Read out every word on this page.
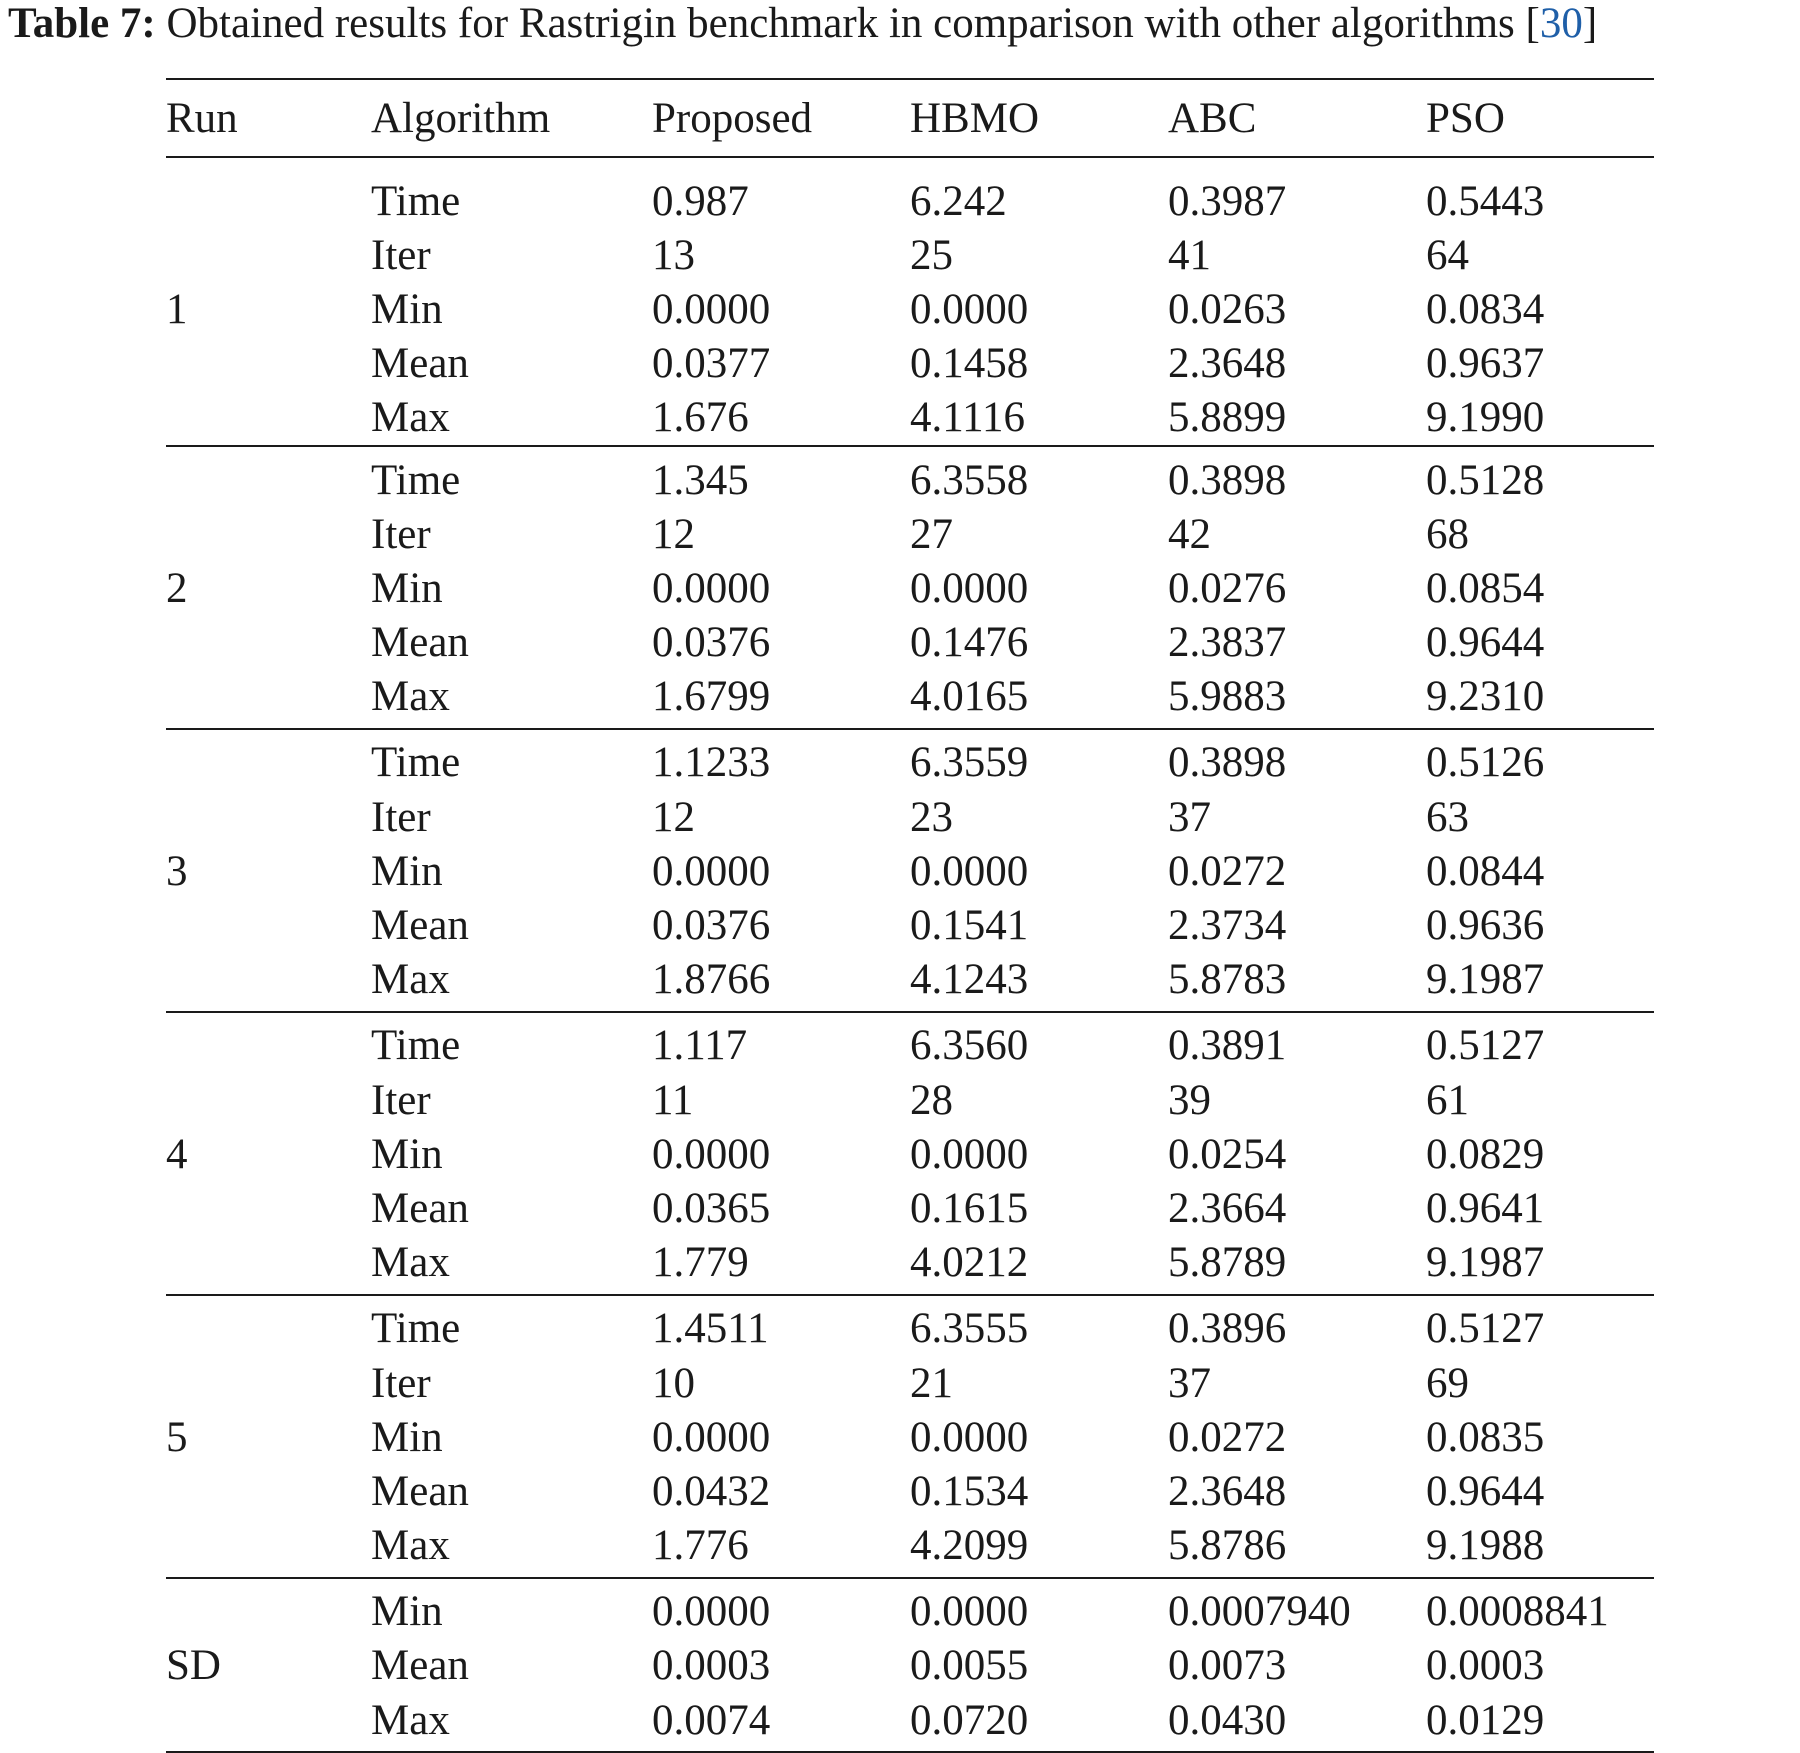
Table 7: Obtained results for Rastrigin benchmark in comparison with other algorithms [30]
Run	Algorithm	Proposed	HBMO	ABC	PSO
1
Time	0.987	6.242	0.3987	0.5443
Iter	13	25	41	64
Min	0.0000	0.0000	0.0263	0.0834
Mean	0.0377	0.1458	2.3648	0.9637
Max	1.676	4.1116	5.8899	9.1990
2
Time	1.345	6.3558	0.3898	0.5128
Iter	12	27	42	68
Min	0.0000	0.0000	0.0276	0.0854
Mean	0.0376	0.1476	2.3837	0.9644
Max	1.6799	4.0165	5.9883	9.2310
3
Time	1.1233	6.3559	0.3898	0.5126
Iter	12	23	37	63
Min	0.0000	0.0000	0.0272	0.0844
Mean	0.0376	0.1541	2.3734	0.9636
Max	1.8766	4.1243	5.8783	9.1987
4
Time	1.117	6.3560	0.3891	0.5127
Iter	11	28	39	61
Min	0.0000	0.0000	0.0254	0.0829
Mean	0.0365	0.1615	2.3664	0.9641
Max	1.779	4.0212	5.8789	9.1987
5
Time	1.4511	6.3555	0.3896	0.5127
Iter	10	21	37	69
Min	0.0000	0.0000	0.0272	0.0835
Mean	0.0432	0.1534	2.3648	0.9644
Max	1.776	4.2099	5.8786	9.1988
SD
Min	0.0000	0.0000	0.0007940	0.0008841
Mean	0.0003	0.0055	0.0073	0.0003
Max	0.0074	0.0720	0.0430	0.0129
